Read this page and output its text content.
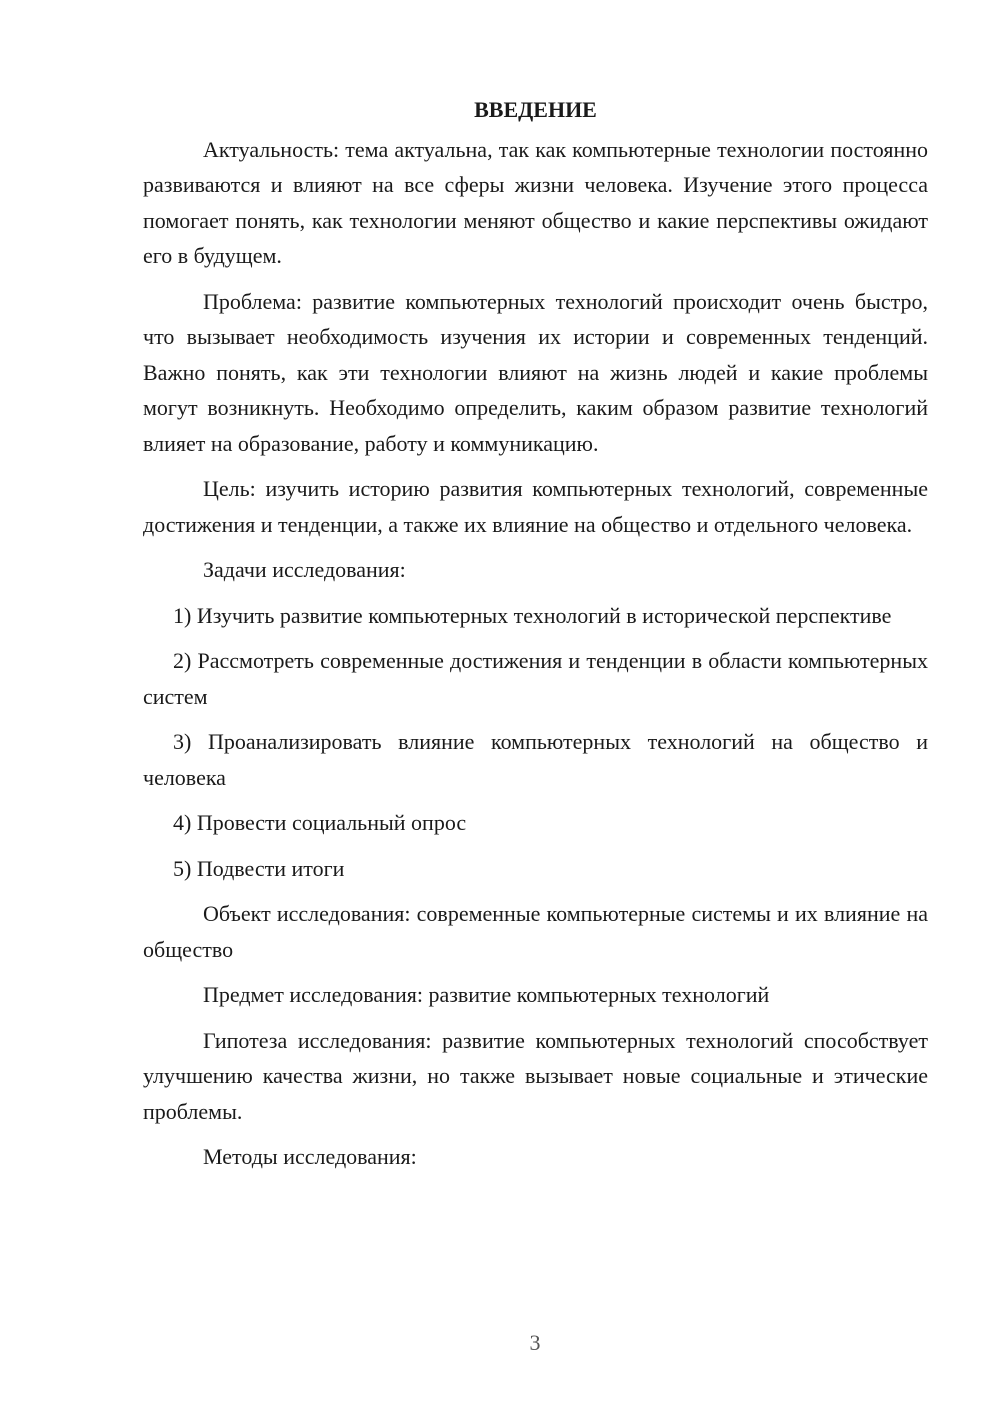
ВВЕДЕНИЕ

Актуальность: тема актуальна, так как компьютерные технологии постоянно развиваются и влияют на все сферы жизни человека. Изучение этого процесса помогает понять, как технологии меняют общество и какие перспективы ожидают его в будущем.

Проблема: развитие компьютерных технологий происходит очень быстро, что вызывает необходимость изучения их истории и современных тенденций. Важно понять, как эти технологии влияют на жизнь людей и какие проблемы могут возникнуть. Необходимо определить, каким образом развитие технологий влияет на образование, работу и коммуникацию.

Цель: изучить историю развития компьютерных технологий, современные достижения и тенденции, а также их влияние на общество и отдельного человека.

Задачи исследования:

1) Изучить развитие компьютерных технологий в исторической перспективе

2) Рассмотреть современные достижения и тенденции в области компьютерных систем

3) Проанализировать влияние компьютерных технологий на общество и человека

4) Провести социальный опрос

5) Подвести итоги

Объект исследования: современные компьютерные системы и их влияние на общество

Предмет исследования: развитие компьютерных технологий

Гипотеза исследования: развитие компьютерных технологий способствует улучшению качества жизни, но также вызывает новые социальные и этические проблемы.

Методы исследования:

3
